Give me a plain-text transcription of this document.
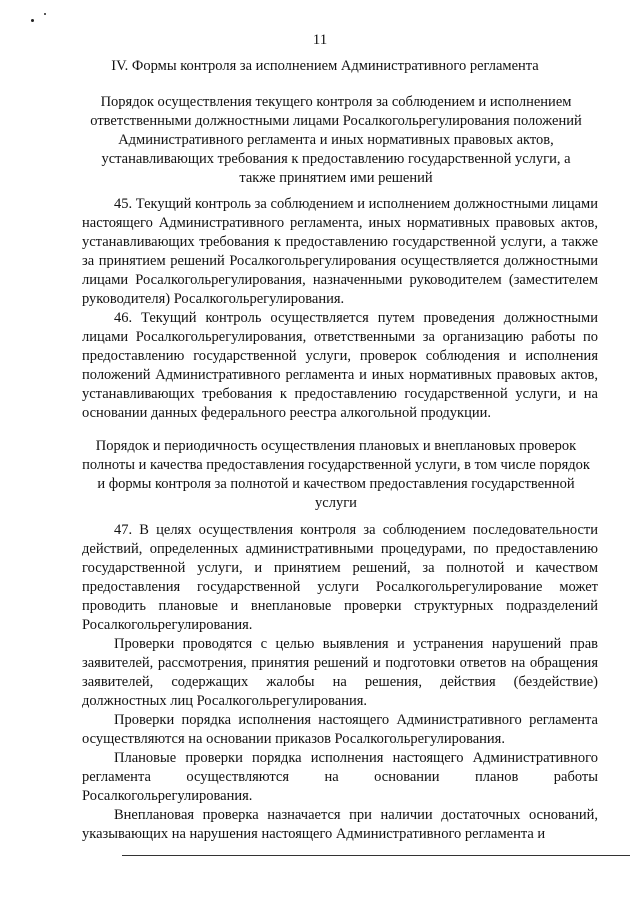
11
IV. Формы контроля за исполнением Административного регламента
Порядок осуществления текущего контроля за соблюдением и исполнением ответственными должностными лицами Росалкогольрегулирования положений Административного регламента и иных нормативных правовых актов, устанавливающих требования к предоставлению государственной услуги, а также принятием ими решений

45. Текущий контроль за соблюдением и исполнением должностными лицами настоящего Административного регламента, иных нормативных правовых актов, устанавливающих требования к предоставлению государственной услуги, а также за принятием решений Росалкогольрегулирования осуществляется должностными лицами Росалкогольрегулирования, назначенными руководителем (заместителем руководителя) Росалкогольрегулирования.

46. Текущий контроль осуществляется путем проведения должностными лицами Росалкогольрегулирования, ответственными за организацию работы по предоставлению государственной услуги, проверок соблюдения и исполнения положений Административного регламента и иных нормативных правовых актов, устанавливающих требования к предоставлению государственной услуги, и на основании данных федерального реестра алкогольной продукции.

Порядок и периодичность осуществления плановых и внеплановых проверок полноты и качества предоставления государственной услуги, в том числе порядок и формы контроля за полнотой и качеством предоставления государственной услуги

47. В целях осуществления контроля за соблюдением последовательности действий, определенных административными процедурами, по предоставлению государственной услуги, и принятием решений, за полнотой и качеством предоставления государственной услуги Росалкогольрегулирование может проводить плановые и внеплановые проверки структурных подразделений Росалкогольрегулирования.

Проверки проводятся с целью выявления и устранения нарушений прав заявителей, рассмотрения, принятия решений и подготовки ответов на обращения заявителей, содержащих жалобы на решения, действия (бездействие) должностных лиц Росалкогольрегулирования.

Проверки порядка исполнения настоящего Административного регламента осуществляются на основании приказов Росалкогольрегулирования.

Плановые проверки порядка исполнения настоящего Административного регламента осуществляются на основании планов работы Росалкогольрегулирования.

Внеплановая проверка назначается при наличии достаточных оснований, указывающих на нарушения настоящего Административного регламента и
